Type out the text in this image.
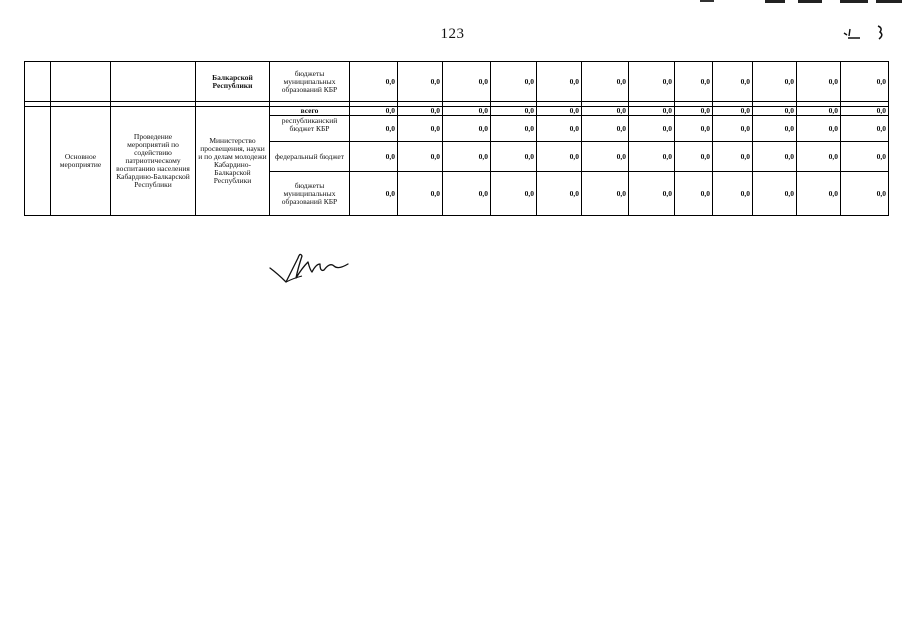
123
			Балкарской Республики	бюджеты муниципальных образований КБР	0,0	0,0	0,0	0,0	0,0	0,0	0,0	0,0	0,0	0,0	0,0	0,0

	Основное мероприятие	Проведение мероприятий по содействию патриотическому воспитанию населения Кабардино-Балкарской Республики	Министерство просвещения, науки и по делам молодежи Кабардино-Балкарской Республики	всего	0,0	0,0	0,0	0,0	0,0	0,0	0,0	0,0	0,0	0,0	0,0	0,0
				республиканский бюджет КБР	0,0	0,0	0,0	0,0	0,0	0,0	0,0	0,0	0,0	0,0	0,0	0,0
				федеральный бюджет	0,0	0,0	0,0	0,0	0,0	0,0	0,0	0,0	0,0	0,0	0,0	0,0
				бюджеты муниципальных образований КБР	0,0	0,0	0,0	0,0	0,0	0,0	0,0	0,0	0,0	0,0	0,0	0,0
